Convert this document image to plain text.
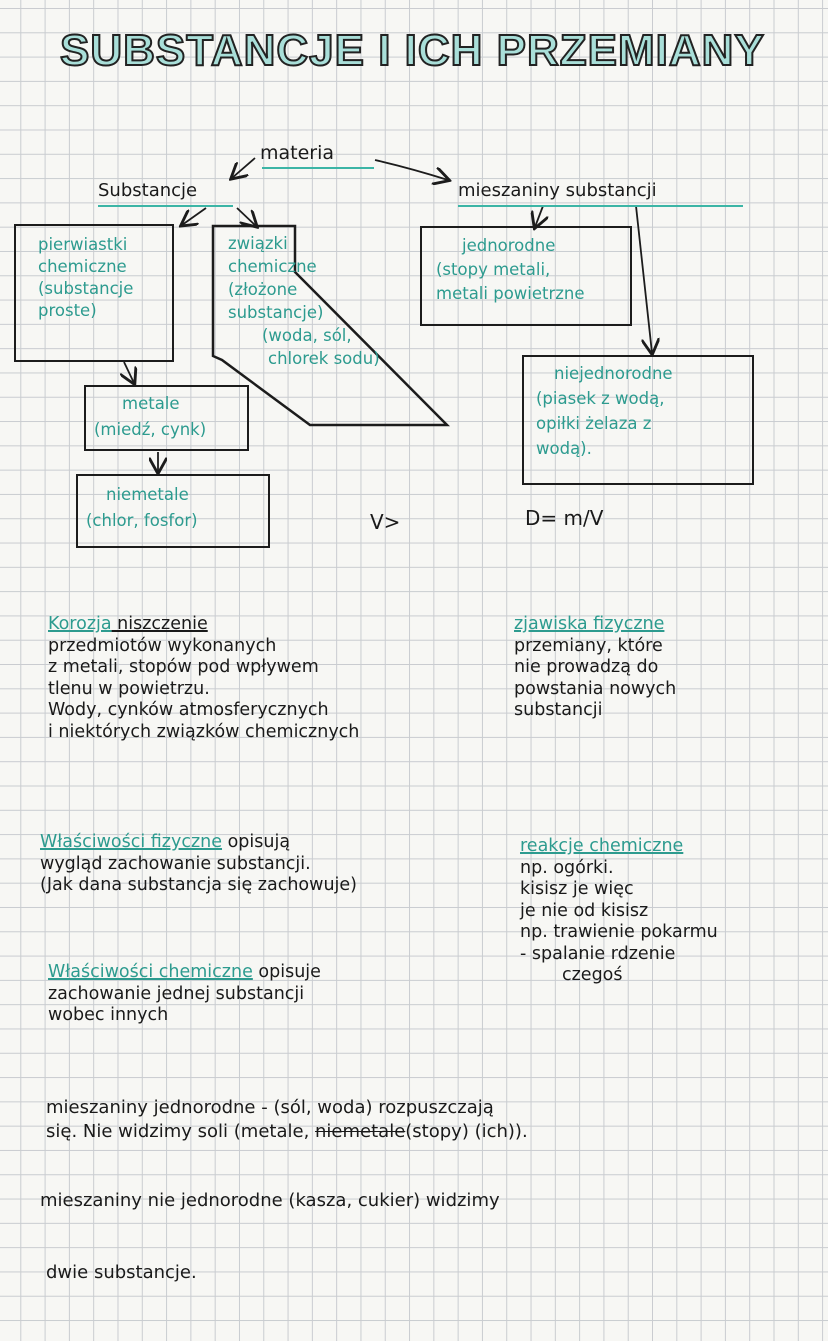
SUBSTANCJE I ICH PRZEMIANY
materia
Substancje	mieszaniny substancji
pierwiastki
chemiczne
(substancje
proste)
związki
chemiczne
(złożone
substancje)
(woda, sól,
chlorek sodu)
metale
(miedź, cynk)
niemetale
(chlor, fosfor)
jednorodne
(stopy metali,
metali powietrzne
niejednorodne
(piasek z wodą,
opiłki żelaza z
wodą).
V>	D= m/V
Korozja niszczenie
przedmiotów wykonanych
z metali, stopów pod wpływem
tlenu w powietrzu.
Wody, cynków atmosferycznych
i niektórych związków chemicznych
zjawiska fizyczne
przemiany, które
nie prowadzą do
powstania nowych
substancji
Właściwości fizyczne opisują
wygląd zachowanie substancji.
(Jak dana substancja się zachowuje)
reakcje chemiczne
np. ogórki.
kisisz je więc
je nie od kisisz
np. trawienie pokarmu
- spalanie rdzenie
czegoś
Właściwości chemiczne opisuje
zachowanie jednej substancji
wobec innych
mieszaniny jednorodne - (sól, woda) rozpuszczają
się. Nie widzimy soli (metale, niemetale(stopy) (ich)).
mieszaniny nie jednorodne (kasza, cukier) widzimy
dwie substancje.
